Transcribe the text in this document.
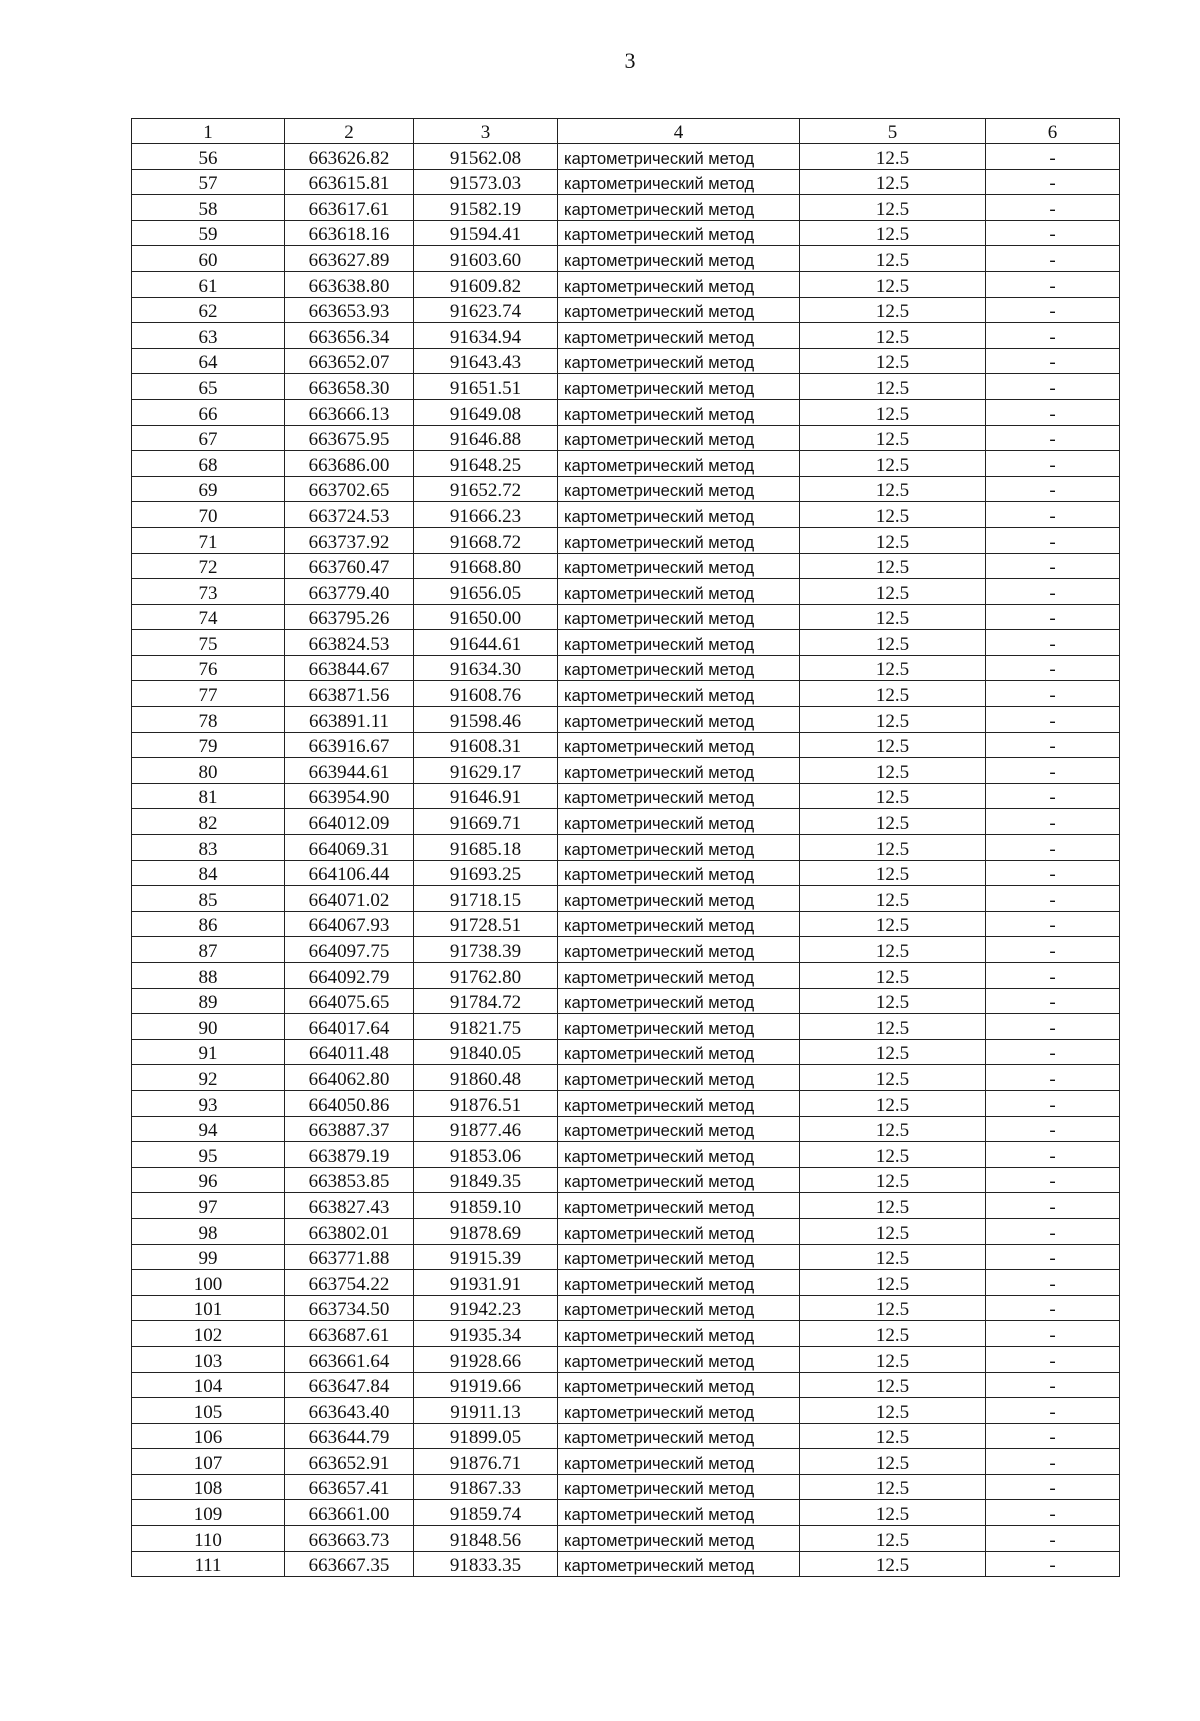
3
1	2	3	4	5	6
56	663626.82	91562.08	картометрический метод	12.5	-
57	663615.81	91573.03	картометрический метод	12.5	-
58	663617.61	91582.19	картометрический метод	12.5	-
59	663618.16	91594.41	картометрический метод	12.5	-
60	663627.89	91603.60	картометрический метод	12.5	-
61	663638.80	91609.82	картометрический метод	12.5	-
62	663653.93	91623.74	картометрический метод	12.5	-
63	663656.34	91634.94	картометрический метод	12.5	-
64	663652.07	91643.43	картометрический метод	12.5	-
65	663658.30	91651.51	картометрический метод	12.5	-
66	663666.13	91649.08	картометрический метод	12.5	-
67	663675.95	91646.88	картометрический метод	12.5	-
68	663686.00	91648.25	картометрический метод	12.5	-
69	663702.65	91652.72	картометрический метод	12.5	-
70	663724.53	91666.23	картометрический метод	12.5	-
71	663737.92	91668.72	картометрический метод	12.5	-
72	663760.47	91668.80	картометрический метод	12.5	-
73	663779.40	91656.05	картометрический метод	12.5	-
74	663795.26	91650.00	картометрический метод	12.5	-
75	663824.53	91644.61	картометрический метод	12.5	-
76	663844.67	91634.30	картометрический метод	12.5	-
77	663871.56	91608.76	картометрический метод	12.5	-
78	663891.11	91598.46	картометрический метод	12.5	-
79	663916.67	91608.31	картометрический метод	12.5	-
80	663944.61	91629.17	картометрический метод	12.5	-
81	663954.90	91646.91	картометрический метод	12.5	-
82	664012.09	91669.71	картометрический метод	12.5	-
83	664069.31	91685.18	картометрический метод	12.5	-
84	664106.44	91693.25	картометрический метод	12.5	-
85	664071.02	91718.15	картометрический метод	12.5	-
86	664067.93	91728.51	картометрический метод	12.5	-
87	664097.75	91738.39	картометрический метод	12.5	-
88	664092.79	91762.80	картометрический метод	12.5	-
89	664075.65	91784.72	картометрический метод	12.5	-
90	664017.64	91821.75	картометрический метод	12.5	-
91	664011.48	91840.05	картометрический метод	12.5	-
92	664062.80	91860.48	картометрический метод	12.5	-
93	664050.86	91876.51	картометрический метод	12.5	-
94	663887.37	91877.46	картометрический метод	12.5	-
95	663879.19	91853.06	картометрический метод	12.5	-
96	663853.85	91849.35	картометрический метод	12.5	-
97	663827.43	91859.10	картометрический метод	12.5	-
98	663802.01	91878.69	картометрический метод	12.5	-
99	663771.88	91915.39	картометрический метод	12.5	-
100	663754.22	91931.91	картометрический метод	12.5	-
101	663734.50	91942.23	картометрический метод	12.5	-
102	663687.61	91935.34	картометрический метод	12.5	-
103	663661.64	91928.66	картометрический метод	12.5	-
104	663647.84	91919.66	картометрический метод	12.5	-
105	663643.40	91911.13	картометрический метод	12.5	-
106	663644.79	91899.05	картометрический метод	12.5	-
107	663652.91	91876.71	картометрический метод	12.5	-
108	663657.41	91867.33	картометрический метод	12.5	-
109	663661.00	91859.74	картометрический метод	12.5	-
110	663663.73	91848.56	картометрический метод	12.5	-
111	663667.35	91833.35	картометрический метод	12.5	-
